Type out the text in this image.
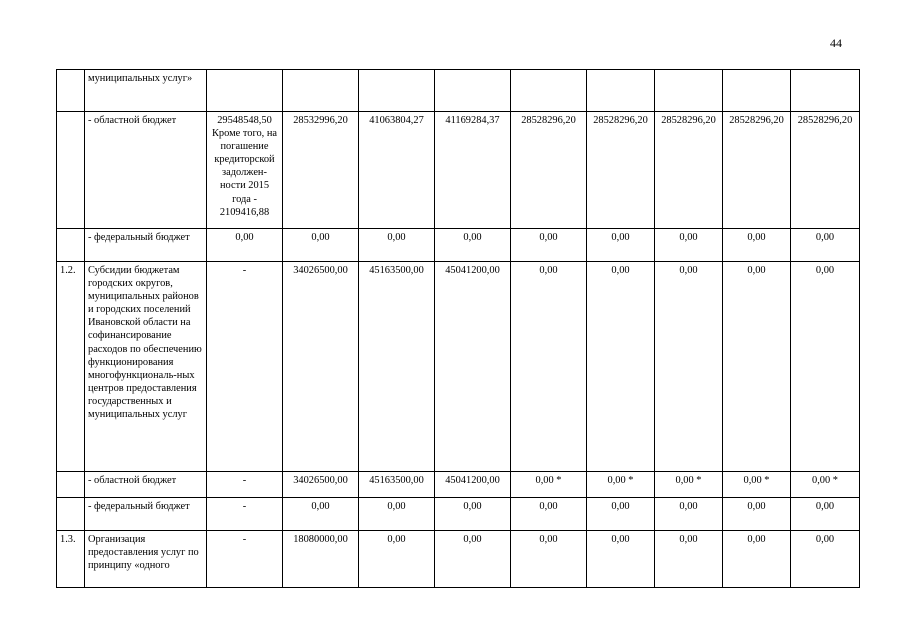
44
	муниципальных услуг»									
	- областной бюджет	29548548,50 Кроме того, на погашение кредиторской задолжен-ности 2015 года - 2109416,88	28532996,20	41063804,27	41169284,37	28528296,20	28528296,20	28528296,20	28528296,20	28528296,20
	- федеральный бюджет	0,00	0,00	0,00	0,00	0,00	0,00	0,00	0,00	0,00
1.2.	Субсидии бюджетам городских округов, муниципальных районов и городских поселений Ивановской области на софинансирование расходов по обеспечению функционирования многофункциональ-ных центров предоставления государственных и муниципальных услуг	-	34026500,00	45163500,00	45041200,00	0,00	0,00	0,00	0,00	0,00
	- областной бюджет	-	34026500,00	45163500,00	45041200,00	0,00 *	0,00 *	0,00 *	0,00 *	0,00 *
	- федеральный бюджет	-	0,00	0,00	0,00	0,00	0,00	0,00	0,00	0,00
1.3.	Организация предоставления услуг по принципу «одного	-	18080000,00	0,00	0,00	0,00	0,00	0,00	0,00	0,00
